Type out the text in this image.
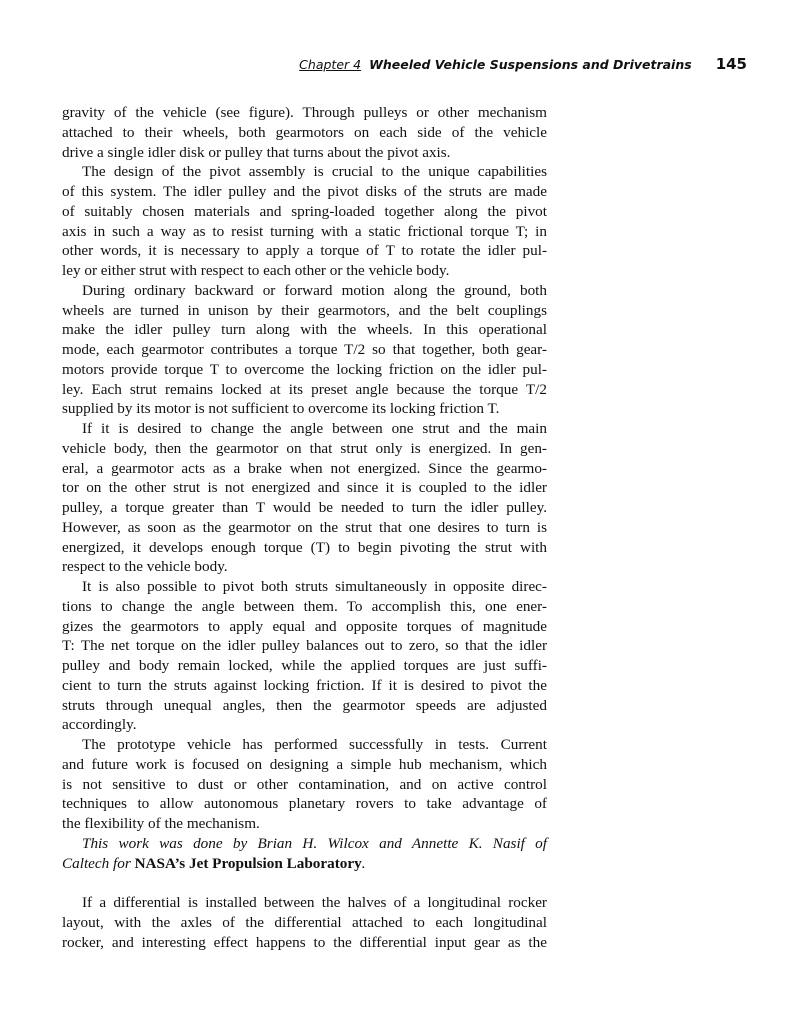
Chapter 4 Wheeled Vehicle Suspensions and Drivetrains 145
gravity of the vehicle (see figure). Through pulleys or other mechanism
attached to their wheels, both gearmotors on each side of the vehicle
drive a single idler disk or pulley that turns about the pivot axis.
The design of the pivot assembly is crucial to the unique capabilities
of this system. The idler pulley and the pivot disks of the struts are made
of suitably chosen materials and spring-loaded together along the pivot
axis in such a way as to resist turning with a static frictional torque T; in
other words, it is necessary to apply a torque of T to rotate the idler pul-
ley or either strut with respect to each other or the vehicle body.
During ordinary backward or forward motion along the ground, both
wheels are turned in unison by their gearmotors, and the belt couplings
make the idler pulley turn along with the wheels. In this operational
mode, each gearmotor contributes a torque T/2 so that together, both gear-
motors provide torque T to overcome the locking friction on the idler pul-
ley. Each strut remains locked at its preset angle because the torque T/2
supplied by its motor is not sufficient to overcome its locking friction T.
If it is desired to change the angle between one strut and the main
vehicle body, then the gearmotor on that strut only is energized. In gen-
eral, a gearmotor acts as a brake when not energized. Since the gearmo-
tor on the other strut is not energized and since it is coupled to the idler
pulley, a torque greater than T would be needed to turn the idler pulley.
However, as soon as the gearmotor on the strut that one desires to turn is
energized, it develops enough torque (T) to begin pivoting the strut with
respect to the vehicle body.
It is also possible to pivot both struts simultaneously in opposite direc-
tions to change the angle between them. To accomplish this, one ener-
gizes the gearmotors to apply equal and opposite torques of magnitude
T: The net torque on the idler pulley balances out to zero, so that the idler
pulley and body remain locked, while the applied torques are just suffi-
cient to turn the struts against locking friction. If it is desired to pivot the
struts through unequal angles, then the gearmotor speeds are adjusted
accordingly.
The prototype vehicle has performed successfully in tests. Current
and future work is focused on designing a simple hub mechanism, which
is not sensitive to dust or other contamination, and on active control
techniques to allow autonomous planetary rovers to take advantage of
the flexibility of the mechanism.
This work was done by Brian H. Wilcox and Annette K. Nasif of
Caltech for NASA’s Jet Propulsion Laboratory.
If a differential is installed between the halves of a longitudinal rocker
layout, with the axles of the differential attached to each longitudinal
rocker, and interesting effect happens to the differential input gear as the
